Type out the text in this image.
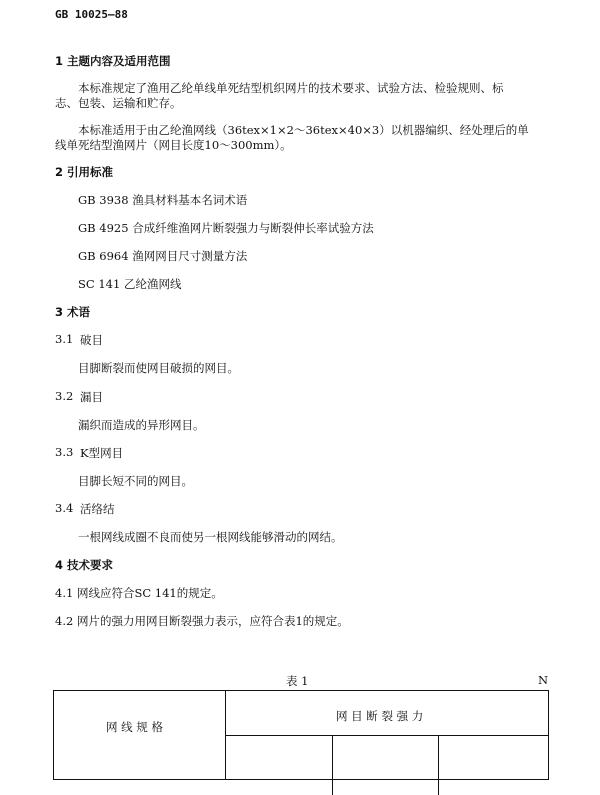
GB 10025—88
1 主题内容及适用范围
本标准规定了渔用乙纶单线单死结型机织网片的技术要求、试验方法、检验规则、标
志、包装、运输和贮存。
本标准适用于由乙纶渔网线（36tex×1×2～36tex×40×3）以机器编织、经处理后的单
线单死结型渔网片（网目长度10～300mm）。
2 引用标准
GB 3938 渔具材料基本名词术语
GB 4925 合成纤维渔网片断裂强力与断裂伸长率试验方法
GB 6964 渔网网目尺寸测量方法
SC 141 乙纶渔网线
3 术语
3.1 破目
目脚断裂而使网目破损的网目。
3.2 漏目
漏织而造成的异形网目。
3.3 K型网目
目脚长短不同的网目。
3.4 活络结
一根网线成圈不良而使另一根网线能够滑动的网结。
4 技术要求
4.1 网线应符合SC 141的规定。
4.2 网片的强力用网目断裂强力表示，应符合表1的规定。
表 1	N
网 线 规 格
网 目 断 裂 强 力
